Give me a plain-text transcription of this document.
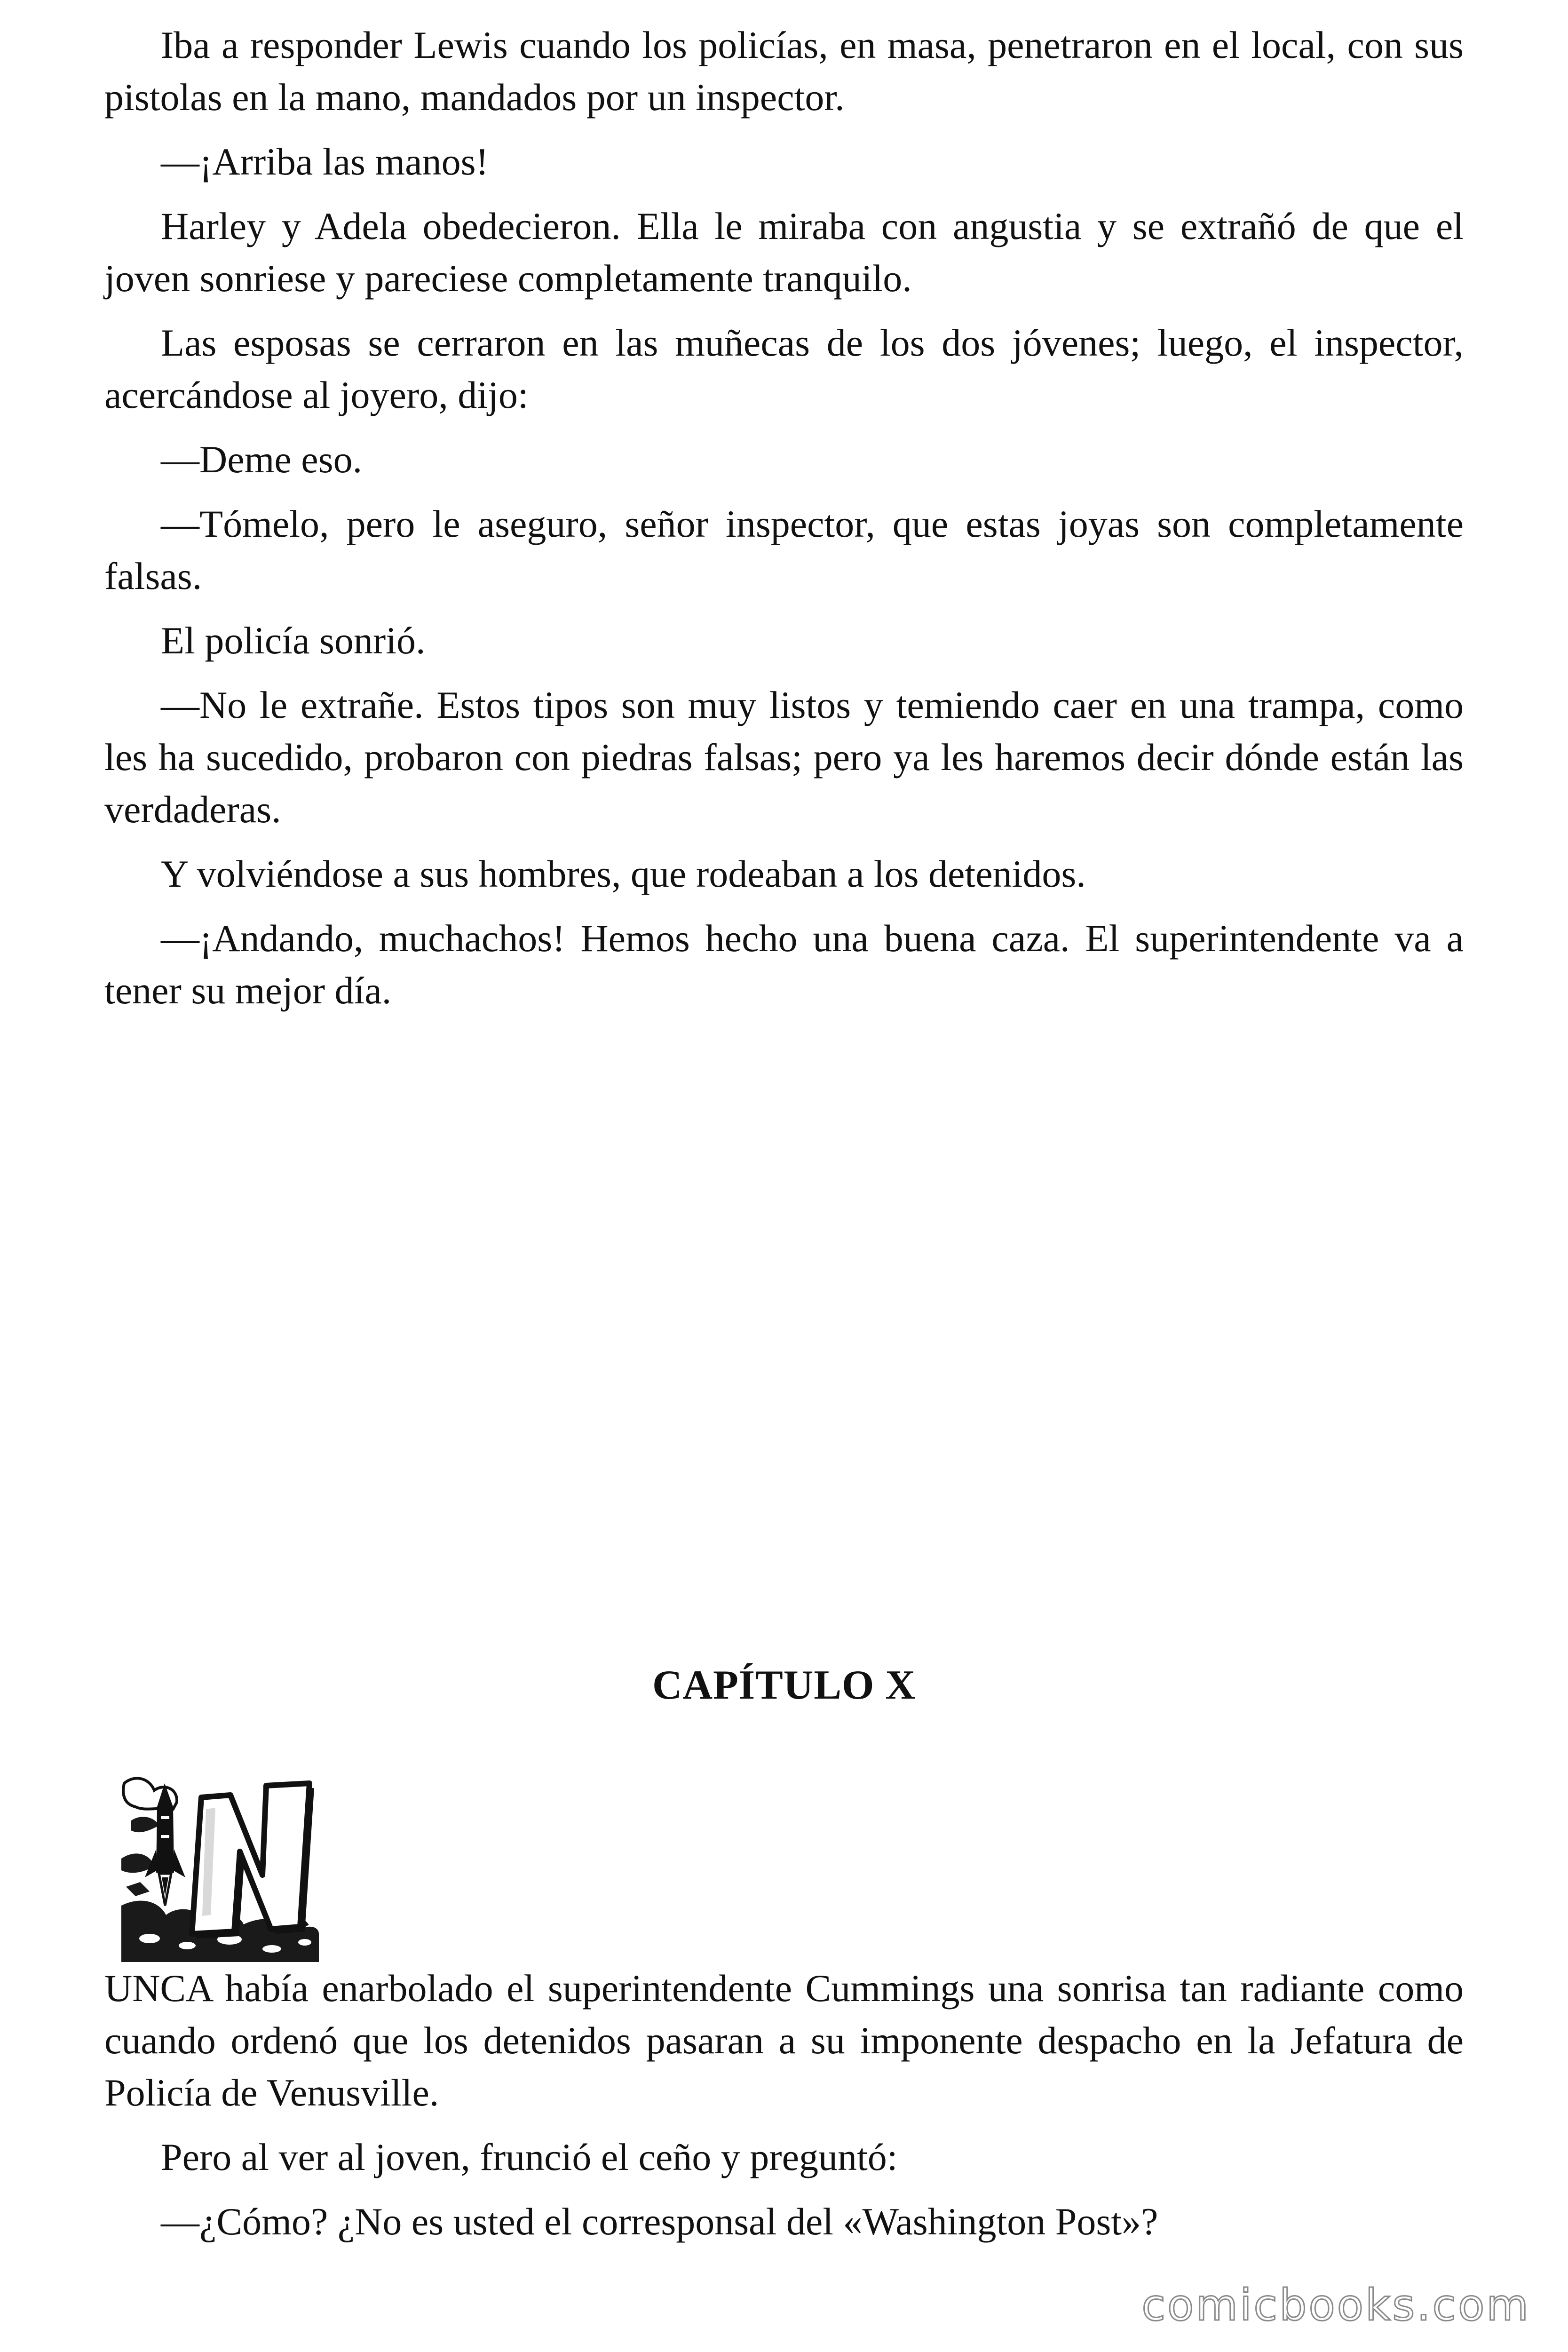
Iba a responder Lewis cuando los policías, en masa, penetraron en el local, con sus pistolas en la mano, mandados por un inspector.

—¡Arriba las manos!

Harley y Adela obedecieron. Ella le miraba con angustia y se extrañó de que el joven sonriese y pareciese completamente tranquilo.

Las esposas se cerraron en las muñecas de los dos jóvenes; luego, el inspector, acercándose al joyero, dijo:

—Deme eso.

—Tómelo, pero le aseguro, señor inspector, que estas joyas son completamente falsas.

El policía sonrió.

—No le extrañe. Estos tipos son muy listos y temiendo caer en una trampa, como les ha sucedido, probaron con piedras falsas; pero ya les haremos decir dónde están las verdaderas.

Y volviéndose a sus hombres, que rodeaban a los detenidos.

—¡Andando, muchachos! Hemos hecho una buena caza. El superintendente va a tener su mejor día.

CAPÍTULO X

UNCA había enarbolado el superintendente Cummings una sonrisa tan radiante como cuando ordenó que los detenidos pasaran a su imponente despacho en la Jefatura de Policía de Venusville.

Pero al ver al joven, frunció el ceño y preguntó:

—¿Cómo? ¿No es usted el corresponsal del «Washington Post»?

comicbooks.com
